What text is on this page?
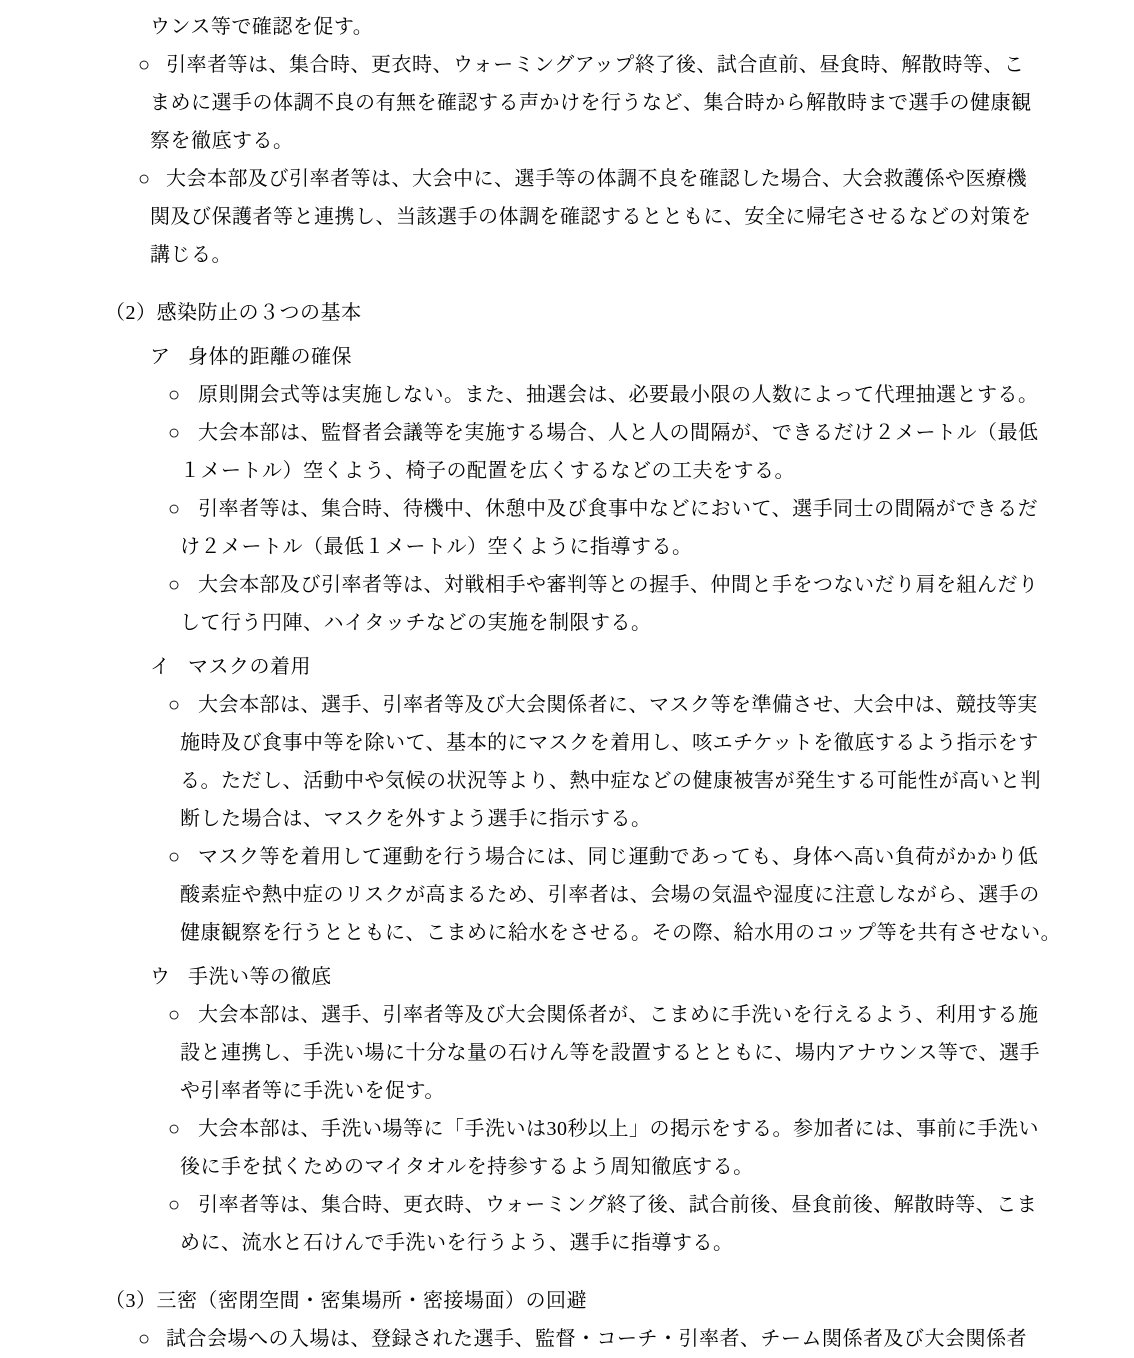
ウンス等で確認を促す。
○ 引率者等は、集合時、更衣時、ウォーミングアップ終了後、試合直前、昼食時、解散時等、こ
まめに選手の体調不良の有無を確認する声かけを行うなど、集合時から解散時まで選手の健康観
察を徹底する。
○ 大会本部及び引率者等は、大会中に、選手等の体調不良を確認した場合、大会救護係や医療機
関及び保護者等と連携し、当該選手の体調を確認するとともに、安全に帰宅させるなどの対策を
講じる。
（2）感染防止の３つの基本
ア 身体的距離の確保
○ 原則開会式等は実施しない。また、抽選会は、必要最小限の人数によって代理抽選とする。
○ 大会本部は、監督者会議等を実施する場合、人と人の間隔が、できるだけ２メートル（最低
１メートル）空くよう、椅子の配置を広くするなどの工夫をする。
○ 引率者等は、集合時、待機中、休憩中及び食事中などにおいて、選手同士の間隔ができるだ
け２メートル（最低１メートル）空くように指導する。
○ 大会本部及び引率者等は、対戦相手や審判等との握手、仲間と手をつないだり肩を組んだり
して行う円陣、ハイタッチなどの実施を制限する。
イ マスクの着用
○ 大会本部は、選手、引率者等及び大会関係者に、マスク等を準備させ、大会中は、競技等実
施時及び食事中等を除いて、基本的にマスクを着用し、咳エチケットを徹底するよう指示をす
る。ただし、活動中や気候の状況等より、熱中症などの健康被害が発生する可能性が高いと判
断した場合は、マスクを外すよう選手に指示する。
○ マスク等を着用して運動を行う場合には、同じ運動であっても、身体へ高い負荷がかかり低
酸素症や熱中症のリスクが高まるため、引率者は、会場の気温や湿度に注意しながら、選手の
健康観察を行うとともに、こまめに給水をさせる。その際、給水用のコップ等を共有させない。
ウ 手洗い等の徹底
○ 大会本部は、選手、引率者等及び大会関係者が、こまめに手洗いを行えるよう、利用する施
設と連携し、手洗い場に十分な量の石けん等を設置するとともに、場内アナウンス等で、選手
や引率者等に手洗いを促す。
○ 大会本部は、手洗い場等に「手洗いは30秒以上」の掲示をする。参加者には、事前に手洗い
後に手を拭くためのマイタオルを持参するよう周知徹底する。
○ 引率者等は、集合時、更衣時、ウォーミング終了後、試合前後、昼食前後、解散時等、こま
めに、流水と石けんで手洗いを行うよう、選手に指導する。
（3）三密（密閉空間・密集場所・密接場面）の回避
○ 試合会場への入場は、登録された選手、監督・コーチ・引率者、チーム関係者及び大会関係者
